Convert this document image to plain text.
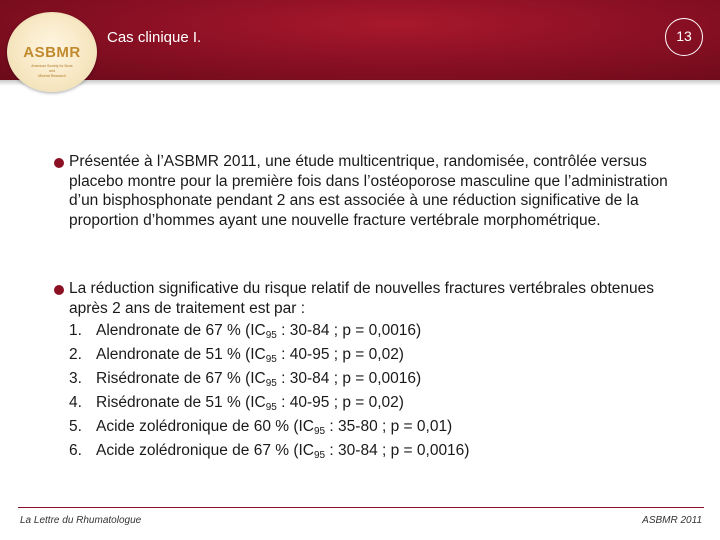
ASBMR
American Society for Bone
and
Mineral Research
Cas clinique I.	13
Présentée à l’ASBMR 2011, une étude multicentrique, randomisée, contrôlée versus placebo montre pour la première fois dans l’ostéoporose masculine que l’administration d’un bisphosphonate pendant 2 ans est associée à une réduction significative de la proportion d’hommes ayant une nouvelle fracture vertébrale morphométrique.
La réduction significative du risque relatif de nouvelles fractures vertébrales obtenues après 2 ans de traitement est par :
1. Alendronate de 67 % ($IC_{95}$ : 30-84 ; p = 0,0016)
2. Alendronate de 51 % ($IC_{95}$ : 40-95 ; p = 0,02)
3. Risédronate de 67 % ($IC_{95}$ : 30-84 ; p = 0,0016)
4. Risédronate de 51 % ($IC_{95}$ : 40-95 ; p = 0,02)
5. Acide zolédronique de 60 % ($IC_{95}$ : 35-80 ; p = 0,01)
6. Acide zolédronique de 67 % ($IC_{95}$ : 30-84 ; p = 0,0016)
La Lettre du Rhumatologue	ASBMR 2011
